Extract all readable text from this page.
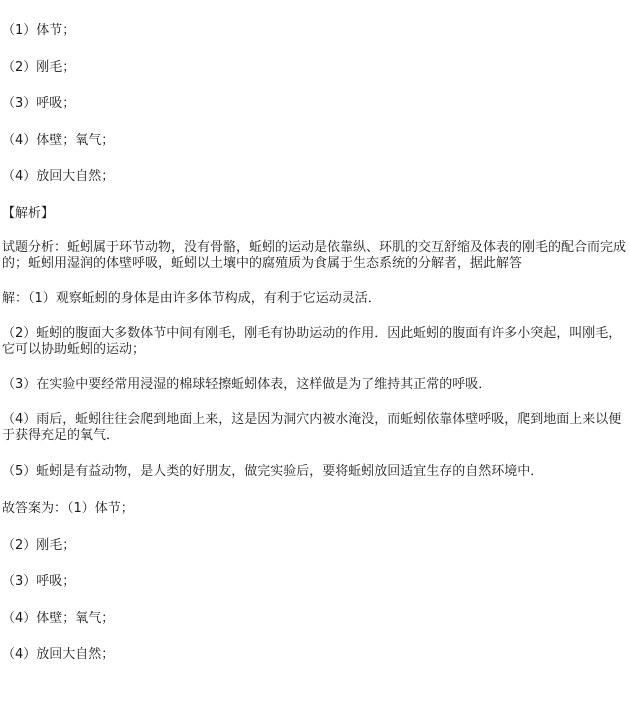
（1）体节；
（2）刚毛；
（3）呼吸；
（4）体壁；氧气；
（4）放回大自然；
【解析】
试题分析：蚯蚓属于环节动物，没有骨骼，蚯蚓的运动是依靠纵、环肌的交互舒缩及体表的刚毛的配合而完成的；蚯蚓用湿润的体壁呼吸，蚯蚓以土壤中的腐殖质为食属于生态系统的分解者，据此解答
解：（1）观察蚯蚓的身体是由许多体节构成，有利于它运动灵活．
（2）蚯蚓的腹面大多数体节中间有刚毛，刚毛有协助运动的作用．因此蚯蚓的腹面有许多小突起，叫刚毛，它可以协助蚯蚓的运动；
（3）在实验中要经常用浸湿的棉球轻擦蚯蚓体表，这样做是为了维持其正常的呼吸．
（4）雨后，蚯蚓往往会爬到地面上来，这是因为洞穴内被水淹没，而蚯蚓依靠体壁呼吸，爬到地面上来以便于获得充足的氧气．
（5）蚯蚓是有益动物，是人类的好朋友，做完实验后，要将蚯蚓放回适宜生存的自然环境中．
故答案为：（1）体节；
（2）刚毛；
（3）呼吸；
（4）体壁；氧气；
（4）放回大自然；
